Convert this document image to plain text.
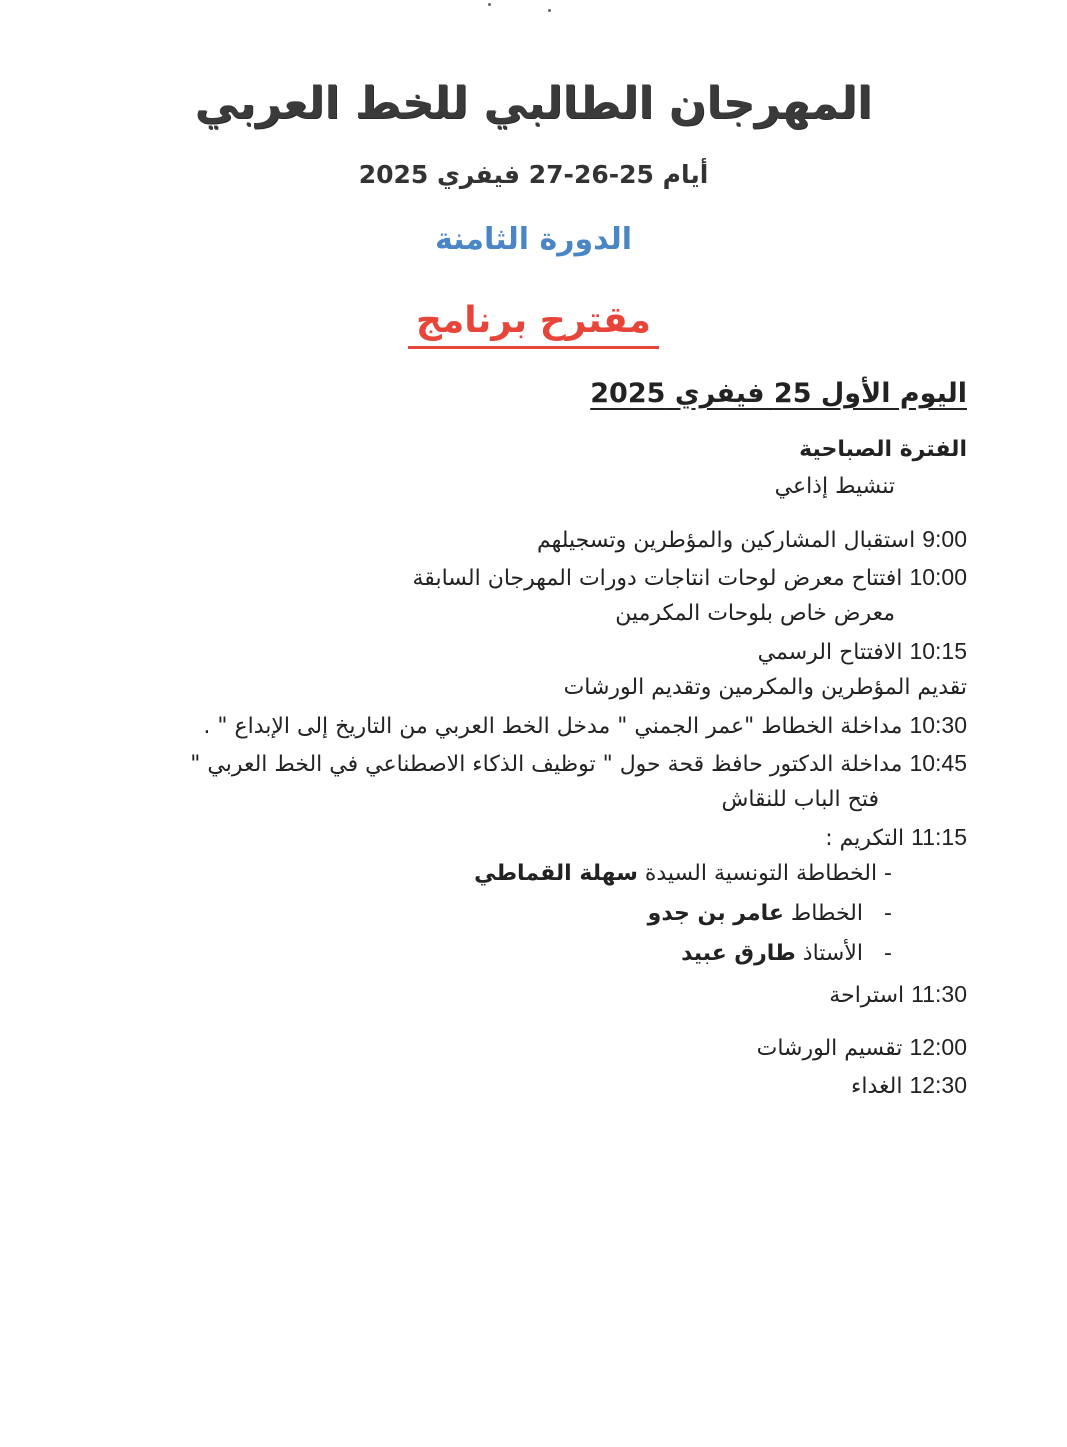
المهرجان الطالبي للخط العربي
أيام 25-26-27 فيفري 2025
الدورة الثامنة
مقترح برنامج
اليوم الأول 25 فيفري 2025
الفترة الصباحية
تنشيط إذاعي
9:00 استقبال المشاركين والمؤطرين وتسجيلهم
10:00 افتتاح معرض لوحات انتاجات دورات المهرجان السابقة
معرض خاص بلوحات المكرمين
10:15 الافتتاح الرسمي
تقديم المؤطرين والمكرمين وتقديم الورشات
10:30 مداخلة الخطاط "عمر الجمني " مدخل الخط العربي من التاريخ إلى الإبداع " .
10:45 مداخلة الدكتور حافظ قحة حول " توظيف الذكاء الاصطناعي في الخط العربي "
فتح الباب للنقاش
11:15 التكريم :
- الخطاطة التونسية السيدة سهلة القماطي
- الخطاط عامر بن جدو
- الأستاذ طارق عبيد
11:30 استراحة
12:00 تقسيم الورشات
12:30 الغداء
